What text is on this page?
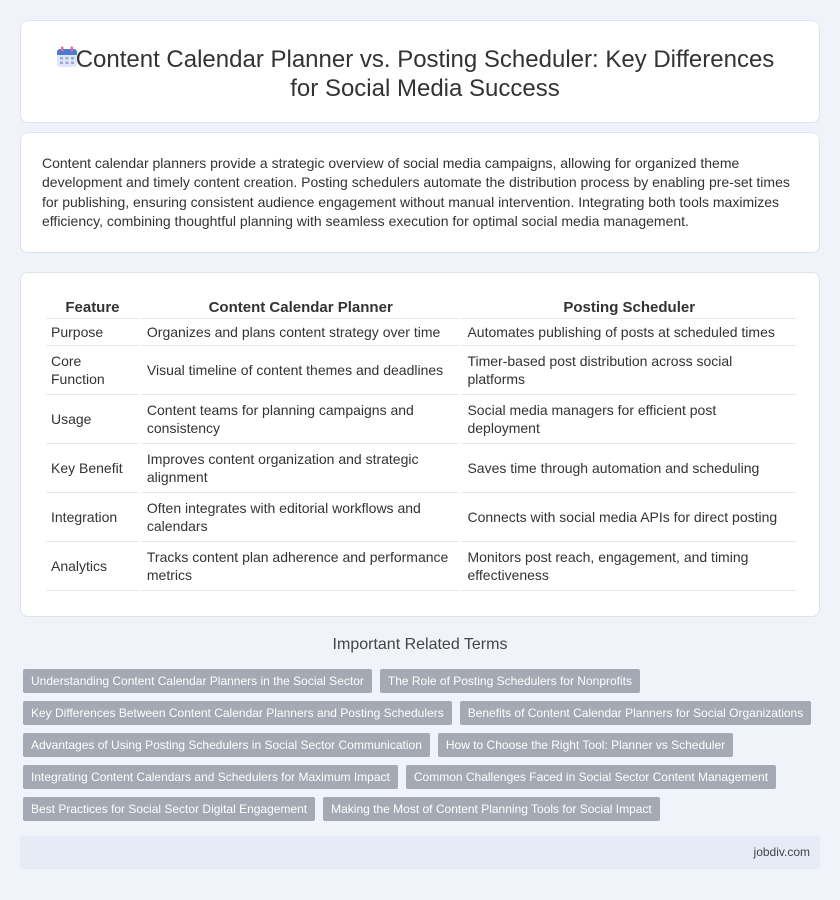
Content Calendar Planner vs. Posting Scheduler: Key Differences for Social Media Success

Content calendar planners provide a strategic overview of social media campaigns, allowing for organized theme development and timely content creation. Posting schedulers automate the distribution process by enabling pre-set times for publishing, ensuring consistent audience engagement without manual intervention. Integrating both tools maximizes efficiency, combining thoughtful planning with seamless execution for optimal social media management.

Feature	Content Calendar Planner	Posting Scheduler
Purpose	Organizes and plans content strategy over time	Automates publishing of posts at scheduled times
Core Function	Visual timeline of content themes and deadlines	Timer-based post distribution across social platforms
Usage	Content teams for planning campaigns and consistency	Social media managers for efficient post deployment
Key Benefit	Improves content organization and strategic alignment	Saves time through automation and scheduling
Integration	Often integrates with editorial workflows and calendars	Connects with social media APIs for direct posting
Analytics	Tracks content plan adherence and performance metrics	Monitors post reach, engagement, and timing effectiveness
Important Related Terms
Understanding Content Calendar Planners in the Social Sector	The Role of Posting Schedulers for Nonprofits
Key Differences Between Content Calendar Planners and Posting Schedulers	Benefits of Content Calendar Planners for Social Organizations
Advantages of Using Posting Schedulers in Social Sector Communication	How to Choose the Right Tool: Planner vs Scheduler
Integrating Content Calendars and Schedulers for Maximum Impact	Common Challenges Faced in Social Sector Content Management
Best Practices for Social Sector Digital Engagement	Making the Most of Content Planning Tools for Social Impact
jobdiv.com
